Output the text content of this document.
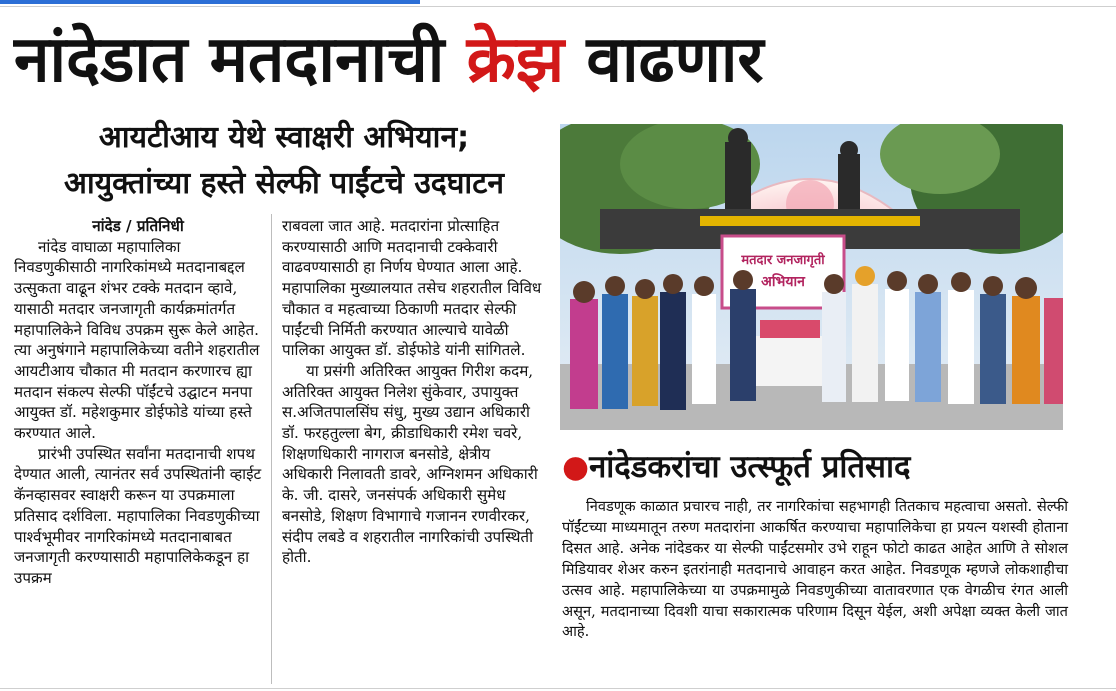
नांदेडात मतदानाची क्रेझ वाढणार
आयटीआय येथे स्वाक्षरी अभियान;
आयुक्तांच्या हस्ते सेल्फी पाईंटचे उदघाटन

नांदेड / प्रतिनिधी

नांदेड वाघाळा महापालिका निवडणुकीसाठी नागरिकांमध्ये मतदानाबद्दल उत्सुकता वाढून शंभर टक्के मतदान व्हावे, यासाठी मतदार जनजागृती कार्यक्रमांतर्गत महापालिकेने विविध उपक्रम सुरू केले आहेत. त्या अनुषंगाने महापालिकेच्या वतीने शहरातील आयटीआय चौकात मी मतदान करणारच ह्या मतदान संकल्प सेल्फी पॉईंटचे उद्घाटन मनपा आयुक्त डॉ. महेशकुमार डोईफोडे यांच्या हस्ते करण्यात आले.

प्रारंभी उपस्थित सर्वांना मतदानाची शपथ देण्यात आली, त्यानंतर सर्व उपस्थितांनी व्हाईट कॅनव्हासवर स्वाक्षरी करून या उपक्रमाला प्रतिसाद दर्शविला. महापालिका निवडणुकीच्या पार्श्वभूमीवर नागरिकांमध्ये मतदानाबाबत जनजागृती करण्यासाठी महापालिकेकडून हा उपक्रम

राबवला जात आहे. मतदारांना प्रोत्साहित करण्यासाठी आणि मतदानाची टक्केवारी वाढवण्यासाठी हा निर्णय घेण्यात आला आहे. महापालिका मुख्यालयात तसेच शहरातील विविध चौकात व महत्वाच्या ठिकाणी मतदार सेल्फी पाईंटची निर्मिती करण्यात आल्याचे यावेळी पालिका आयुक्त डॉ. डोईफोडे यांनी सांगितले.

या प्रसंगी अतिरिक्त आयुक्त गिरीश कदम, अतिरिक्त आयुक्त निलेश सुंकेवार, उपायुक्त स.अजितपालसिंघ संधु, मुख्य उद्यान अधिकारी डॉ. फरहतुल्ला बेग, क्रीडाधिकारी रमेश चवरे, शिक्षणधिकारी नागराज बनसोडे, क्षेत्रीय अधिकारी निलावती डावरे, अग्निशमन अधिकारी के. जी. दासरे, जनसंपर्क अधिकारी सुमेध बनसोडे, शिक्षण विभागाचे गजानन रणवीरकर, संदीप लबडे व शहरातील नागरिकांची उपस्थिती होती.

मतदार जनजागृती
अभियान
●नांदेडकरांचा उत्स्फूर्त प्रतिसाद

निवडणूक काळात प्रचारच नाही, तर नागरिकांचा सहभागही तितकाच महत्वाचा असतो. सेल्फी पॉईंटच्या माध्यमातून तरुण मतदारांना आकर्षित करण्याचा महापालिकेचा हा प्रयत्न यशस्वी होताना दिसत आहे. अनेक नांदेडकर या सेल्फी पाईंटसमोर उभे राहून फोटो काढत आहेत आणि ते सोशल मिडियावर शेअर करुन इतरांनाही मतदानाचे आवाहन करत आहेत. निवडणूक म्हणजे लोकशाहीचा उत्सव आहे. महापालिकेच्या या उपक्रमामुळे निवडणुकीच्या वातावरणात एक वेगळीच रंगत आली असून, मतदानाच्या दिवशी याचा सकारात्मक परिणाम दिसून येईल, अशी अपेक्षा व्यक्त केली जात आहे.
